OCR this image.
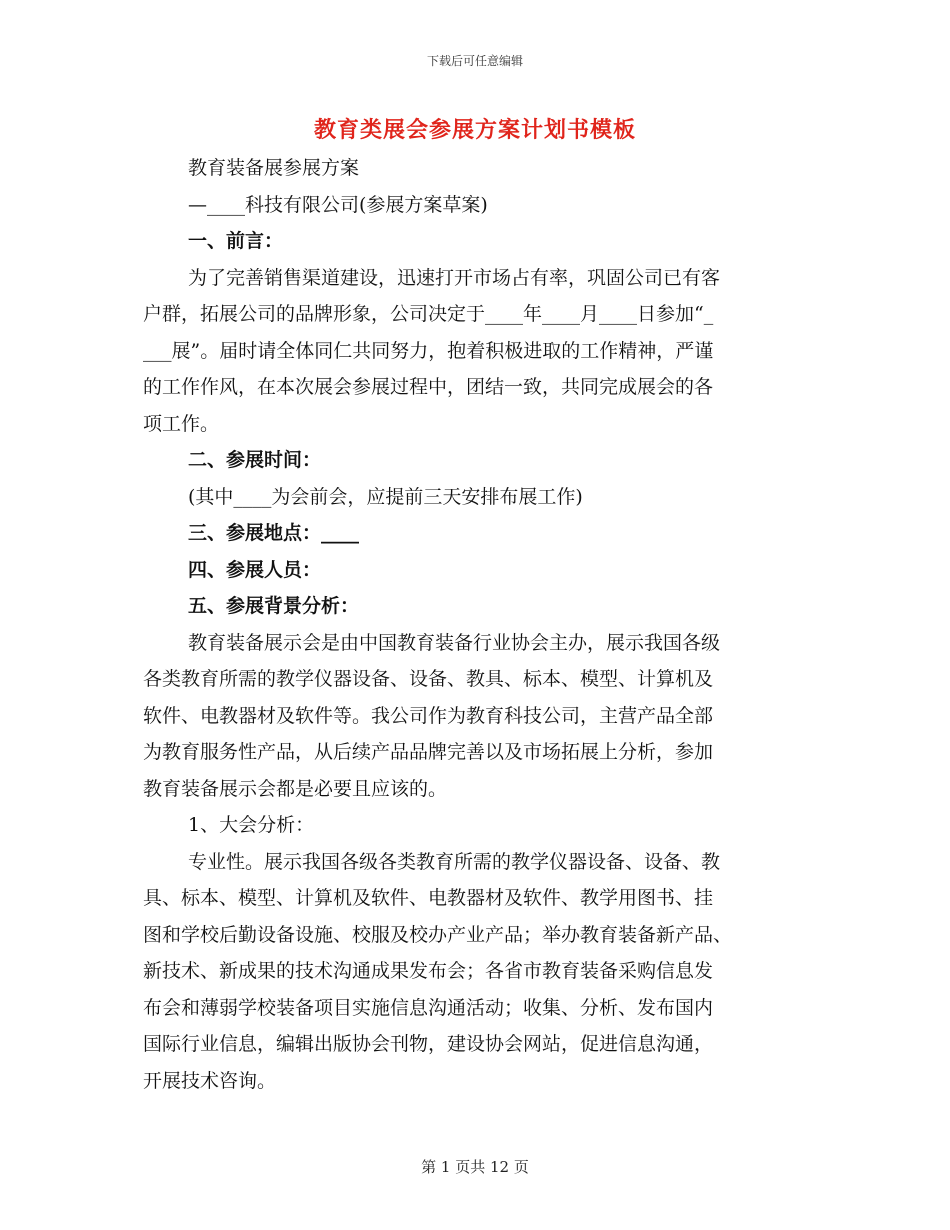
下载后可任意编辑
教育类展会参展方案计划书模板
教育装备展参展方案
—____科技有限公司(参展方案草案)
一、前言：
为了完善销售渠道建设，迅速打开市场占有率，巩固公司已有客
户群，拓展公司的品牌形象，公司决定于____年____月____日参加“_
___展”。届时请全体同仁共同努力，抱着积极进取的工作精神，严谨
的工作作风，在本次展会参展过程中，团结一致，共同完成展会的各
项工作。
二、参展时间：
(其中____为会前会，应提前三天安排布展工作)
三、参展地点：____
四、参展人员：
五、参展背景分析：
教育装备展示会是由中国教育装备行业协会主办，展示我国各级
各类教育所需的教学仪器设备、设备、教具、标本、模型、计算机及
软件、电教器材及软件等。我公司作为教育科技公司，主营产品全部
为教育服务性产品，从后续产品品牌完善以及市场拓展上分析，参加
教育装备展示会都是必要且应该的。
1、大会分析：
专业性。展示我国各级各类教育所需的教学仪器设备、设备、教
具、标本、模型、计算机及软件、电教器材及软件、教学用图书、挂
图和学校后勤设备设施、校服及校办产业产品；举办教育装备新产品、
新技术、新成果的技术沟通成果发布会；各省市教育装备采购信息发
布会和薄弱学校装备项目实施信息沟通活动；收集、分析、发布国内
国际行业信息，编辑出版协会刊物，建设协会网站，促进信息沟通，
开展技术咨询。
第 1 页共 12 页
